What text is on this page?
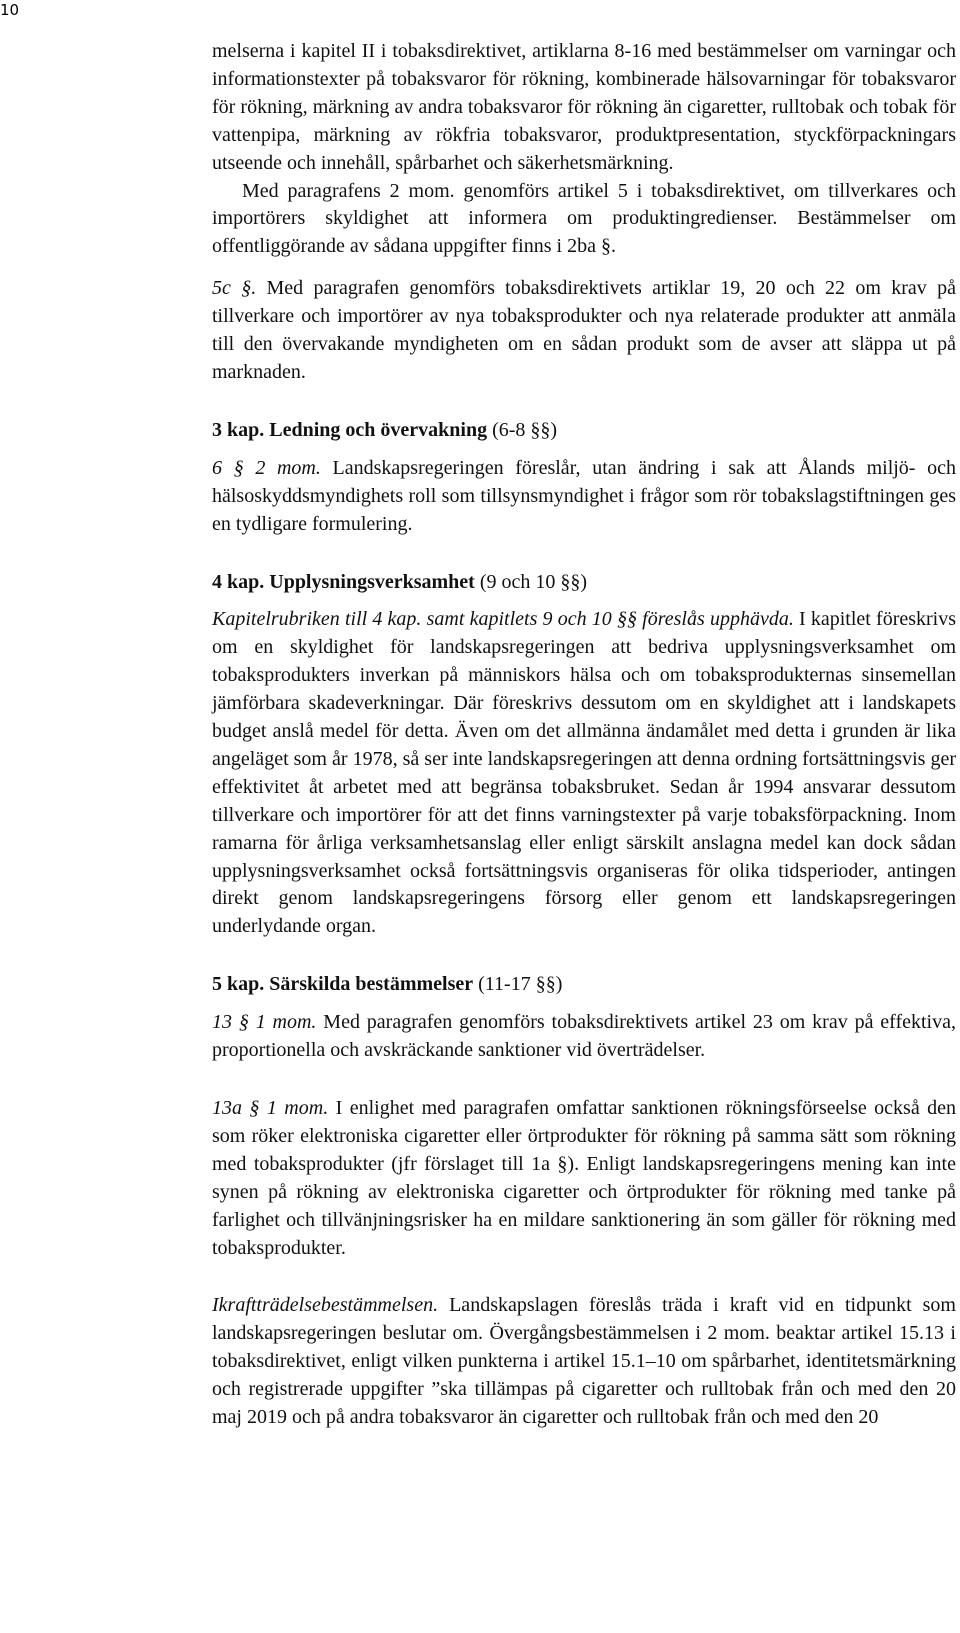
10

melserna i kapitel II i tobaksdirektivet, artiklarna 8-16 med bestämmelser om varningar och informationstexter på tobaksvaror för rökning, kombinerade hälsovarningar för tobaksvaror för rökning, märkning av andra tobaksvaror för rökning än cigaretter, rulltobak och tobak för vattenpipa, märkning av rökfria tobaksvaror, produktpresentation, styckförpackningars utseende och innehåll, spårbarhet och säkerhetsmärkning.

Med paragrafens 2 mom. genomförs artikel 5 i tobaksdirektivet, om tillverkares och importörers skyldighet att informera om produktingredienser. Bestämmelser om offentliggörande av sådana uppgifter finns i 2ba §.

5c §. Med paragrafen genomförs tobaksdirektivets artiklar 19, 20 och 22 om krav på tillverkare och importörer av nya tobaksprodukter och nya relaterade produkter att anmäla till den övervakande myndigheten om en sådan produkt som de avser att släppa ut på marknaden.

3 kap. Ledning och övervakning (6-8 §§)

6 § 2 mom. Landskapsregeringen föreslår, utan ändring i sak att Ålands miljö- och hälsoskyddsmyndighets roll som tillsynsmyndighet i frågor som rör tobakslagstiftningen ges en tydligare formulering.

4 kap. Upplysningsverksamhet (9 och 10 §§)

Kapitelrubriken till 4 kap. samt kapitlets 9 och 10 §§ föreslås upphävda. I kapitlet föreskrivs om en skyldighet för landskapsregeringen att bedriva upplysningsverksamhet om tobaksprodukters inverkan på människors hälsa och om tobaksprodukternas sinsemellan jämförbara skadeverkningar. Där föreskrivs dessutom om en skyldighet att i landskapets budget anslå medel för detta. Även om det allmänna ändamålet med detta i grunden är lika angeläget som år 1978, så ser inte landskapsregeringen att denna ordning fortsättningsvis ger effektivitet åt arbetet med att begränsa tobaksbruket. Sedan år 1994 ansvarar dessutom tillverkare och importörer för att det finns varningstexter på varje tobaksförpackning. Inom ramarna för årliga verksamhetsanslag eller enligt särskilt anslagna medel kan dock sådan upplysningsverksamhet också fortsättningsvis organiseras för olika tidsperioder, antingen direkt genom landskapsregeringens försorg eller genom ett landskapsregeringen underlydande organ.

5 kap. Särskilda bestämmelser (11-17 §§)

13 § 1 mom. Med paragrafen genomförs tobaksdirektivets artikel 23 om krav på effektiva, proportionella och avskräckande sanktioner vid överträdelser.

13a § 1 mom. I enlighet med paragrafen omfattar sanktionen rökningsförseelse också den som röker elektroniska cigaretter eller örtprodukter för rökning på samma sätt som rökning med tobaksprodukter (jfr förslaget till 1a §). Enligt landskapsregeringens mening kan inte synen på rökning av elektroniska cigaretter och örtprodukter för rökning med tanke på farlighet och tillvänjningsrisker ha en mildare sanktionering än som gäller för rökning med tobaksprodukter.

Ikraftträdelsebestämmelsen. Landskapslagen föreslås träda i kraft vid en tidpunkt som landskapsregeringen beslutar om. Övergångsbestämmelsen i 2 mom. beaktar artikel 15.13 i tobaksdirektivet, enligt vilken punkterna i artikel 15.1–10 om spårbarhet, identitetsmärkning och registrerade uppgifter ”ska tillämpas på cigaretter och rulltobak från och med den 20 maj 2019 och på andra tobaksvaror än cigaretter och rulltobak från och med den 20
